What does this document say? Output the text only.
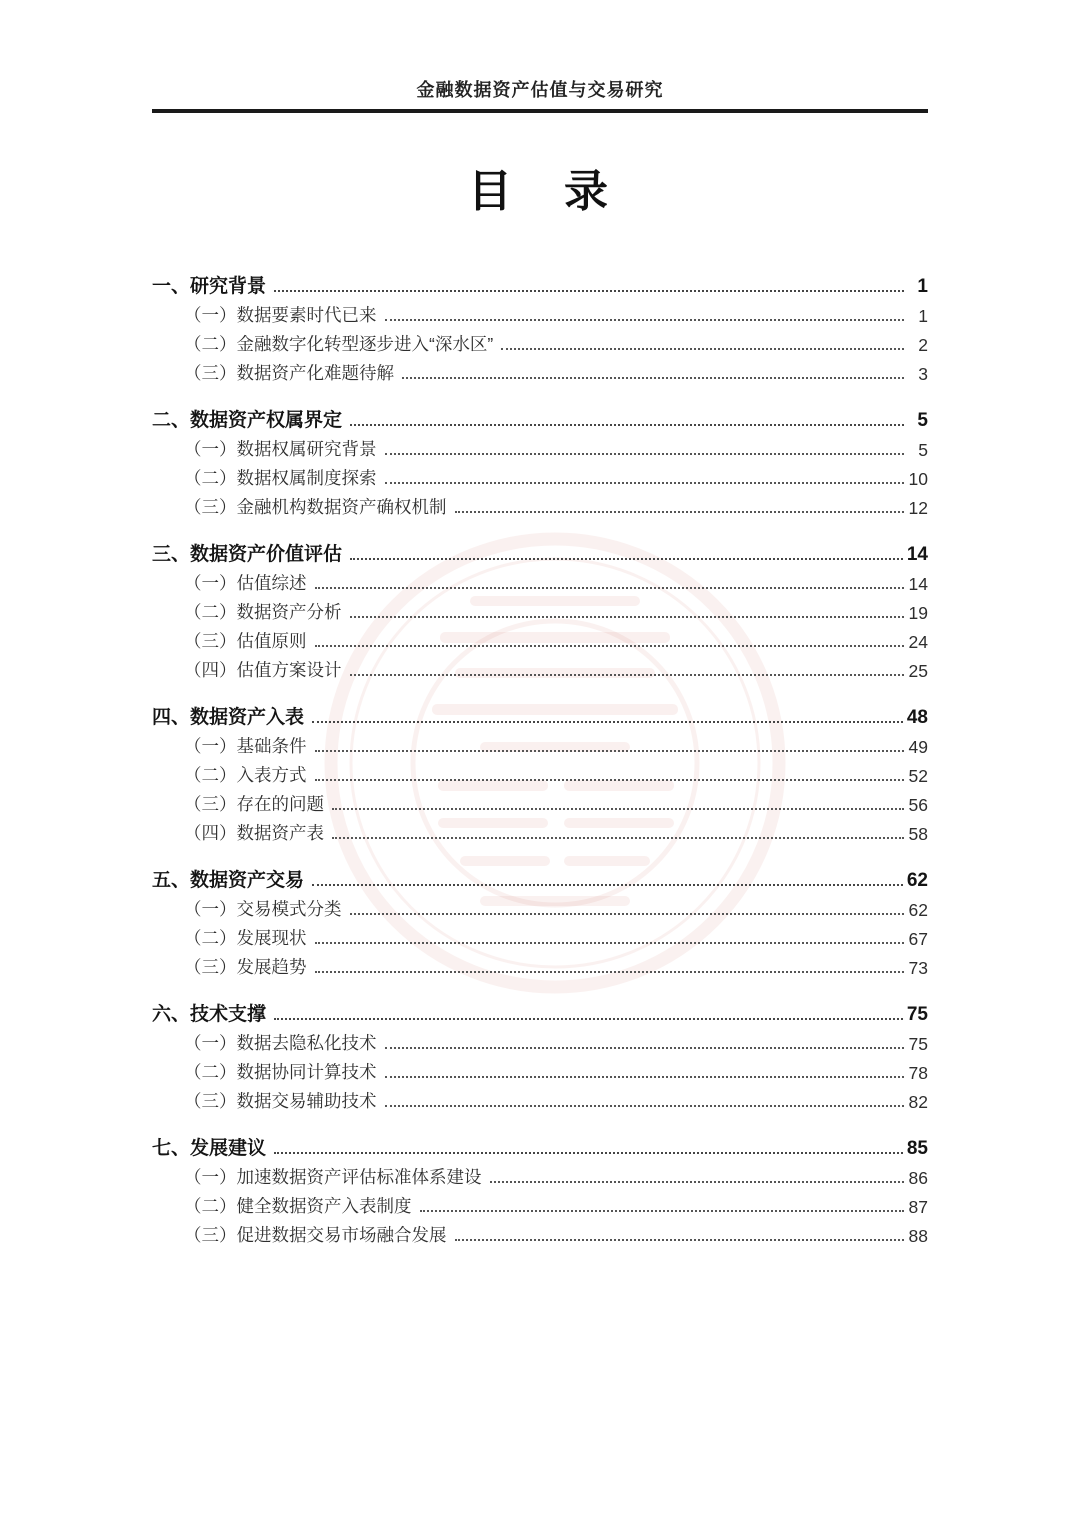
金融数据资产估值与交易研究
目　录
一、研究背景	1
（一）数据要素时代已来	1
（二）金融数字化转型逐步进入“深水区”	2
（三）数据资产化难题待解	3
二、数据资产权属界定	5
（一）数据权属研究背景	5
（二）数据权属制度探索	10
（三）金融机构数据资产确权机制	12
三、数据资产价值评估	14
（一）估值综述	14
（二）数据资产分析	19
（三）估值原则	24
（四）估值方案设计	25
四、数据资产入表	48
（一）基础条件	49
（二）入表方式	52
（三）存在的问题	56
（四）数据资产表	58
五、数据资产交易	62
（一）交易模式分类	62
（二）发展现状	67
（三）发展趋势	73
六、技术支撑	75
（一）数据去隐私化技术	75
（二）数据协同计算技术	78
（三）数据交易辅助技术	82
七、发展建议	85
（一）加速数据资产评估标准体系建设	86
（二）健全数据资产入表制度	87
（三）促进数据交易市场融合发展	88
